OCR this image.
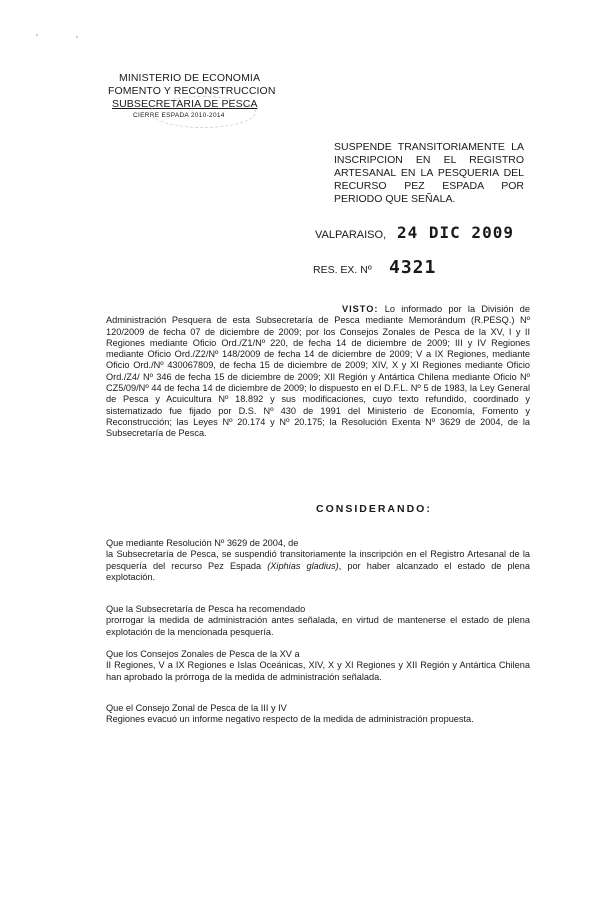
MINISTERIO DE ECONOMIA
FOMENTO Y RECONSTRUCCION
SUBSECRETARIA DE PESCA
CIERRE ESPADA 2010-2014
SUSPENDE TRANSITORIAMENTE LA INSCRIPCION EN EL REGISTRO ARTESANAL EN LA PESQUERIA DEL RECURSO PEZ ESPADA POR PERIODO QUE SEÑALA.
VALPARAISO, 24 DIC 2009
RES. EX. Nº 4321
VISTO: Lo informado por la División de Administración Pesquera de esta Subsecretaría de Pesca mediante Memorándum (R.PESQ.) Nº 120/2009 de fecha 07 de diciembre de 2009; por los Consejos Zonales de Pesca de la XV, I y II Regiones mediante Oficio Ord./Z1/Nº 220, de fecha 14 de diciembre de 2009; III y IV Regiones mediante Oficio Ord./Z2/Nº 148/2009 de fecha 14 de diciembre de 2009; V a IX Regiones, mediante Oficio Ord./Nº 430067809, de fecha 15 de diciembre de 2009; XIV, X y XI Regiones mediante Oficio Ord./Z4/ Nº 346 de fecha 15 de diciembre de 2009; XII Región y Antártica Chilena mediante Oficio Nº CZ5/09/Nº 44 de fecha 14 de diciembre de 2009; lo dispuesto en el D.F.L. Nº 5 de 1983, la Ley General de Pesca y Acuicultura Nº 18.892 y sus modificaciones, cuyo texto refundido, coordinado y sistematizado fue fijado por D.S. Nº 430 de 1991 del Ministerio de Economía, Fomento y Reconstrucción; las Leyes Nº 20.174 y Nº 20.175; la Resolución Exenta Nº 3629 de 2004, de la Subsecretaría de Pesca.
CONSIDERANDO:
Que mediante Resolución Nº 3629 de 2004, de
la Subsecretaría de Pesca, se suspendió transitoriamente la inscripción en el Registro Artesanal de la pesquería del recurso Pez Espada (Xiphias gladius), por haber alcanzado el estado de plena explotación.
Que la Subsecretaría de Pesca ha recomendado
prorrogar la medida de administración antes señalada, en virtud de mantenerse el estado de plena explotación de la mencionada pesquería.
Que los Consejos Zonales de Pesca de la XV a
II Regiones, V a IX Regiones e Islas Oceánicas, XIV, X y XI Regiones y XII Región y Antártica Chilena han aprobado la prórroga de la medida de administración señalada.
Que el Consejo Zonal de Pesca de la III y IV
Regiones evacuó un informe negativo respecto de la medida de administración propuesta.
